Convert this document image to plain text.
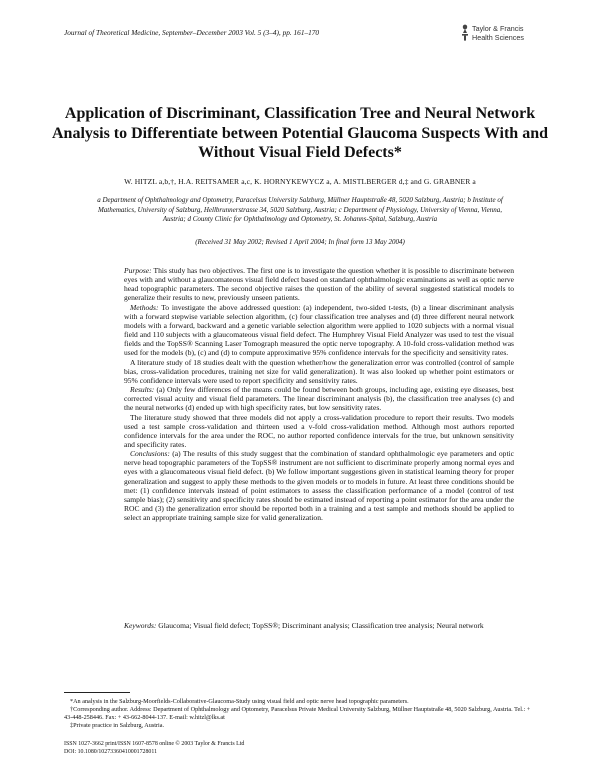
Journal of Theoretical Medicine, September–December 2003 Vol. 5 (3–4), pp. 161–170	Taylor & Francis
Health Sciences
Application of Discriminant, Classification Tree and Neural Network Analysis to Differentiate between Potential Glaucoma Suspects With and Without Visual Field Defects*
W. HITZL a,b,†, H.A. REITSAMER a,c, K. HORNYKEWYCZ a, A. MISTLBERGER d,‡ and G. GRABNER a
a Department of Ophthalmology and Optometry, Paracelsus University Salzburg, Müllner Hauptstraße 48, 5020 Salzburg, Austria; b Institute of Mathematics, University of Salzburg, Hellbrunnerstrasse 34, 5020 Salzburg, Austria; c Department of Physiology, University of Vienna, Vienna, Austria; d County Clinic for Ophthalmology and Optometry, St. Johanns-Spital, Salzburg, Austria
(Received 31 May 2002; Revised 1 April 2004; In final form 13 May 2004)

Purpose: This study has two objectives. The first one is to investigate the question whether it is possible to discriminate between eyes with and without a glaucomateous visual field defect based on standard ophthalmologic examinations as well as optic nerve head topographic parameters. The second objective raises the question of the ability of several suggested statistical models to generalize their results to new, previously unseen patients.

Methods: To investigate the above addressed question: (a) independent, two-sided t-tests, (b) a linear discriminant analysis with a forward stepwise variable selection algorithm, (c) four classification tree analyses and (d) three different neural network models with a forward, backward and a genetic variable selection algorithm were applied to 1020 subjects with a normal visual field and 110 subjects with a glaucomateous visual field defect. The Humphrey Visual Field Analyzer was used to test the visual fields and the TopSS® Scanning Laser Tomograph measured the optic nerve topography. A 10-fold cross-validation method was used for the models (b), (c) and (d) to compute approximative 95% confidence intervals for the specificity and sensitivity rates.

A literature study of 18 studies dealt with the question whether/how the generalization error was controlled (control of sample bias, cross-validation procedures, training net size for valid generalization). It was also looked up whether point estimators or 95% confidence intervals were used to report specificity and sensitivity rates.

Results: (a) Only few differences of the means could be found between both groups, including age, existing eye diseases, best corrected visual acuity and visual field parameters. The linear discriminant analysis (b), the classification tree analyses (c) and the neural networks (d) ended up with high specificity rates, but low sensitivity rates.

The literature study showed that three models did not apply a cross-validation procedure to report their results. Two models used a test sample cross-validation and thirteen used a v-fold cross-validation method. Although most authors reported confidence intervals for the area under the ROC, no author reported confidence intervals for the true, but unknown sensitivity and specificity rates.

Conclusions: (a) The results of this study suggest that the combination of standard ophthalmologic eye parameters and optic nerve head topographic parameters of the TopSS® instrument are not sufficient to discriminate properly among normal eyes and eyes with a glaucomateous visual field defect. (b) We follow important suggestions given in statistical learning theory for proper generalization and suggest to apply these methods to the given models or to models in future. At least three conditions should be met: (1) confidence intervals instead of point estimators to assess the classification performance of a model (control of test sample bias); (2) sensitivity and specificity rates should be estimated instead of reporting a point estimator for the area under the ROC and (3) the generalization error should be reported both in a training and a test sample and methods should be applied to select an appropriate training sample size for valid generalization.

Keywords: Glaucoma; Visual field defect; TopSS®; Discriminant analysis; Classification tree analysis; Neural network

*An analysis in the Salzburg-Moorfields-Collaborative-Glaucoma-Study using visual field and optic nerve head topographic parameters.

†Corresponding author. Address: Department of Ophthalmology and Optometry, Paracelsus Private Medical University Salzburg, Müllner Hauptstraße 48, 5020 Salzburg, Austria. Tel.: + 43-448-258446. Fax: + 43-662-8044-137. E-mail: w.hitzl@lks.at

‡Private practice in Salzburg, Austria.

ISSN 1027-3662 print/ISSN 1607-8578 online © 2003 Taylor & Francis Ltd
DOI: 10.1080/10273360410001728011
